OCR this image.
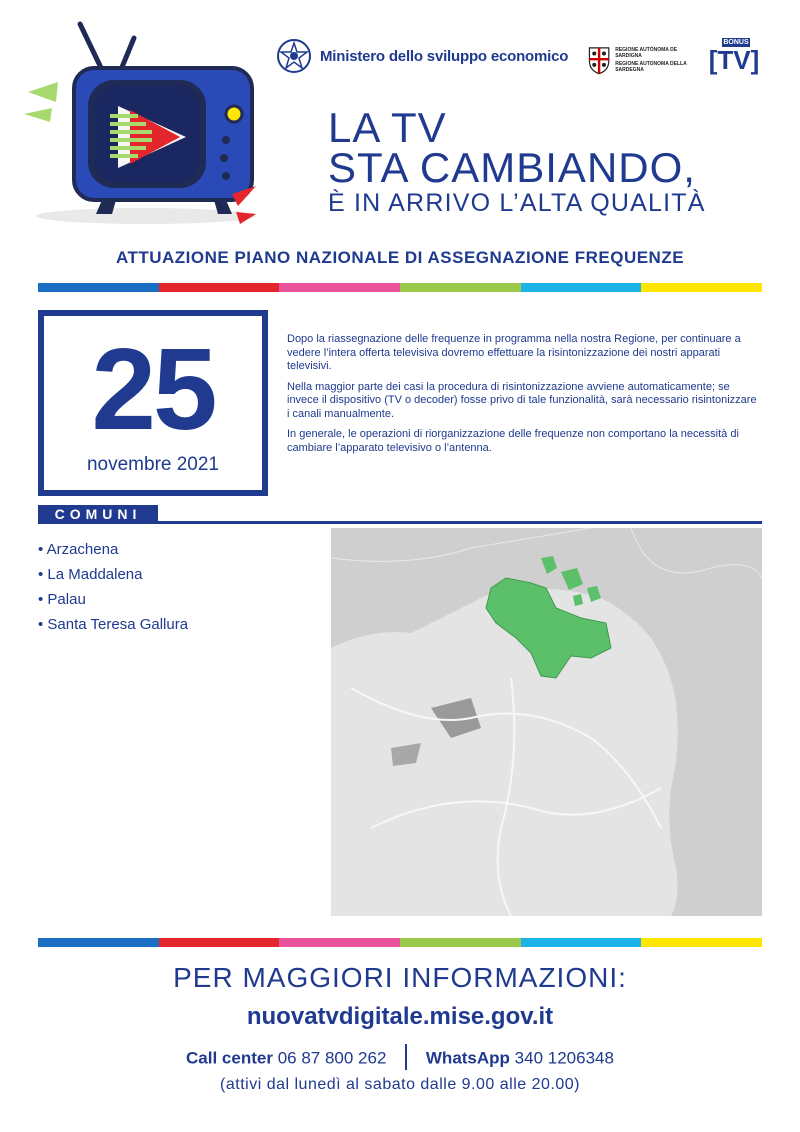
Ministero dello sviluppo economico	REGIONE AUTÒNOMA DE SARDIGNA
REGIONE AUTONOMA DELLA SARDEGNA
BONUS
[TV]
LA TV
STA CAMBIANDO,
È IN ARRIVO L’ALTA QUALITÀ
ATTUAZIONE PIANO NAZIONALE DI ASSEGNAZIONE FREQUENZE
25
novembre 2021

Dopo la riassegnazione delle frequenze in programma nella nostra Regione, per continuare a vedere l’intera offerta televisiva dovremo effettuare la risintonizzazione dei nostri apparati televisivi.

Nella maggior parte dei casi la procedura di risintonizzazione avviene automaticamente; se invece il dispositivo (TV o decoder) fosse privo di tale funzionalità, sarà necessario risintonizzare i canali manualmente.

In generale, le operazioni di riorganizzazione delle frequenze non comportano la necessità di cambiare l’apparato televisivo o l’antenna.

COMUNI
• Arzachena
• La Maddalena
• Palau
• Santa Teresa Gallura
PER MAGGIORI INFORMAZIONI:
nuovatvdigitale.mise.gov.it
Call center 06 87 800 262 WhatsApp 340 1206348
(attivi dal lunedì al sabato dalle 9.00 alle 20.00)
